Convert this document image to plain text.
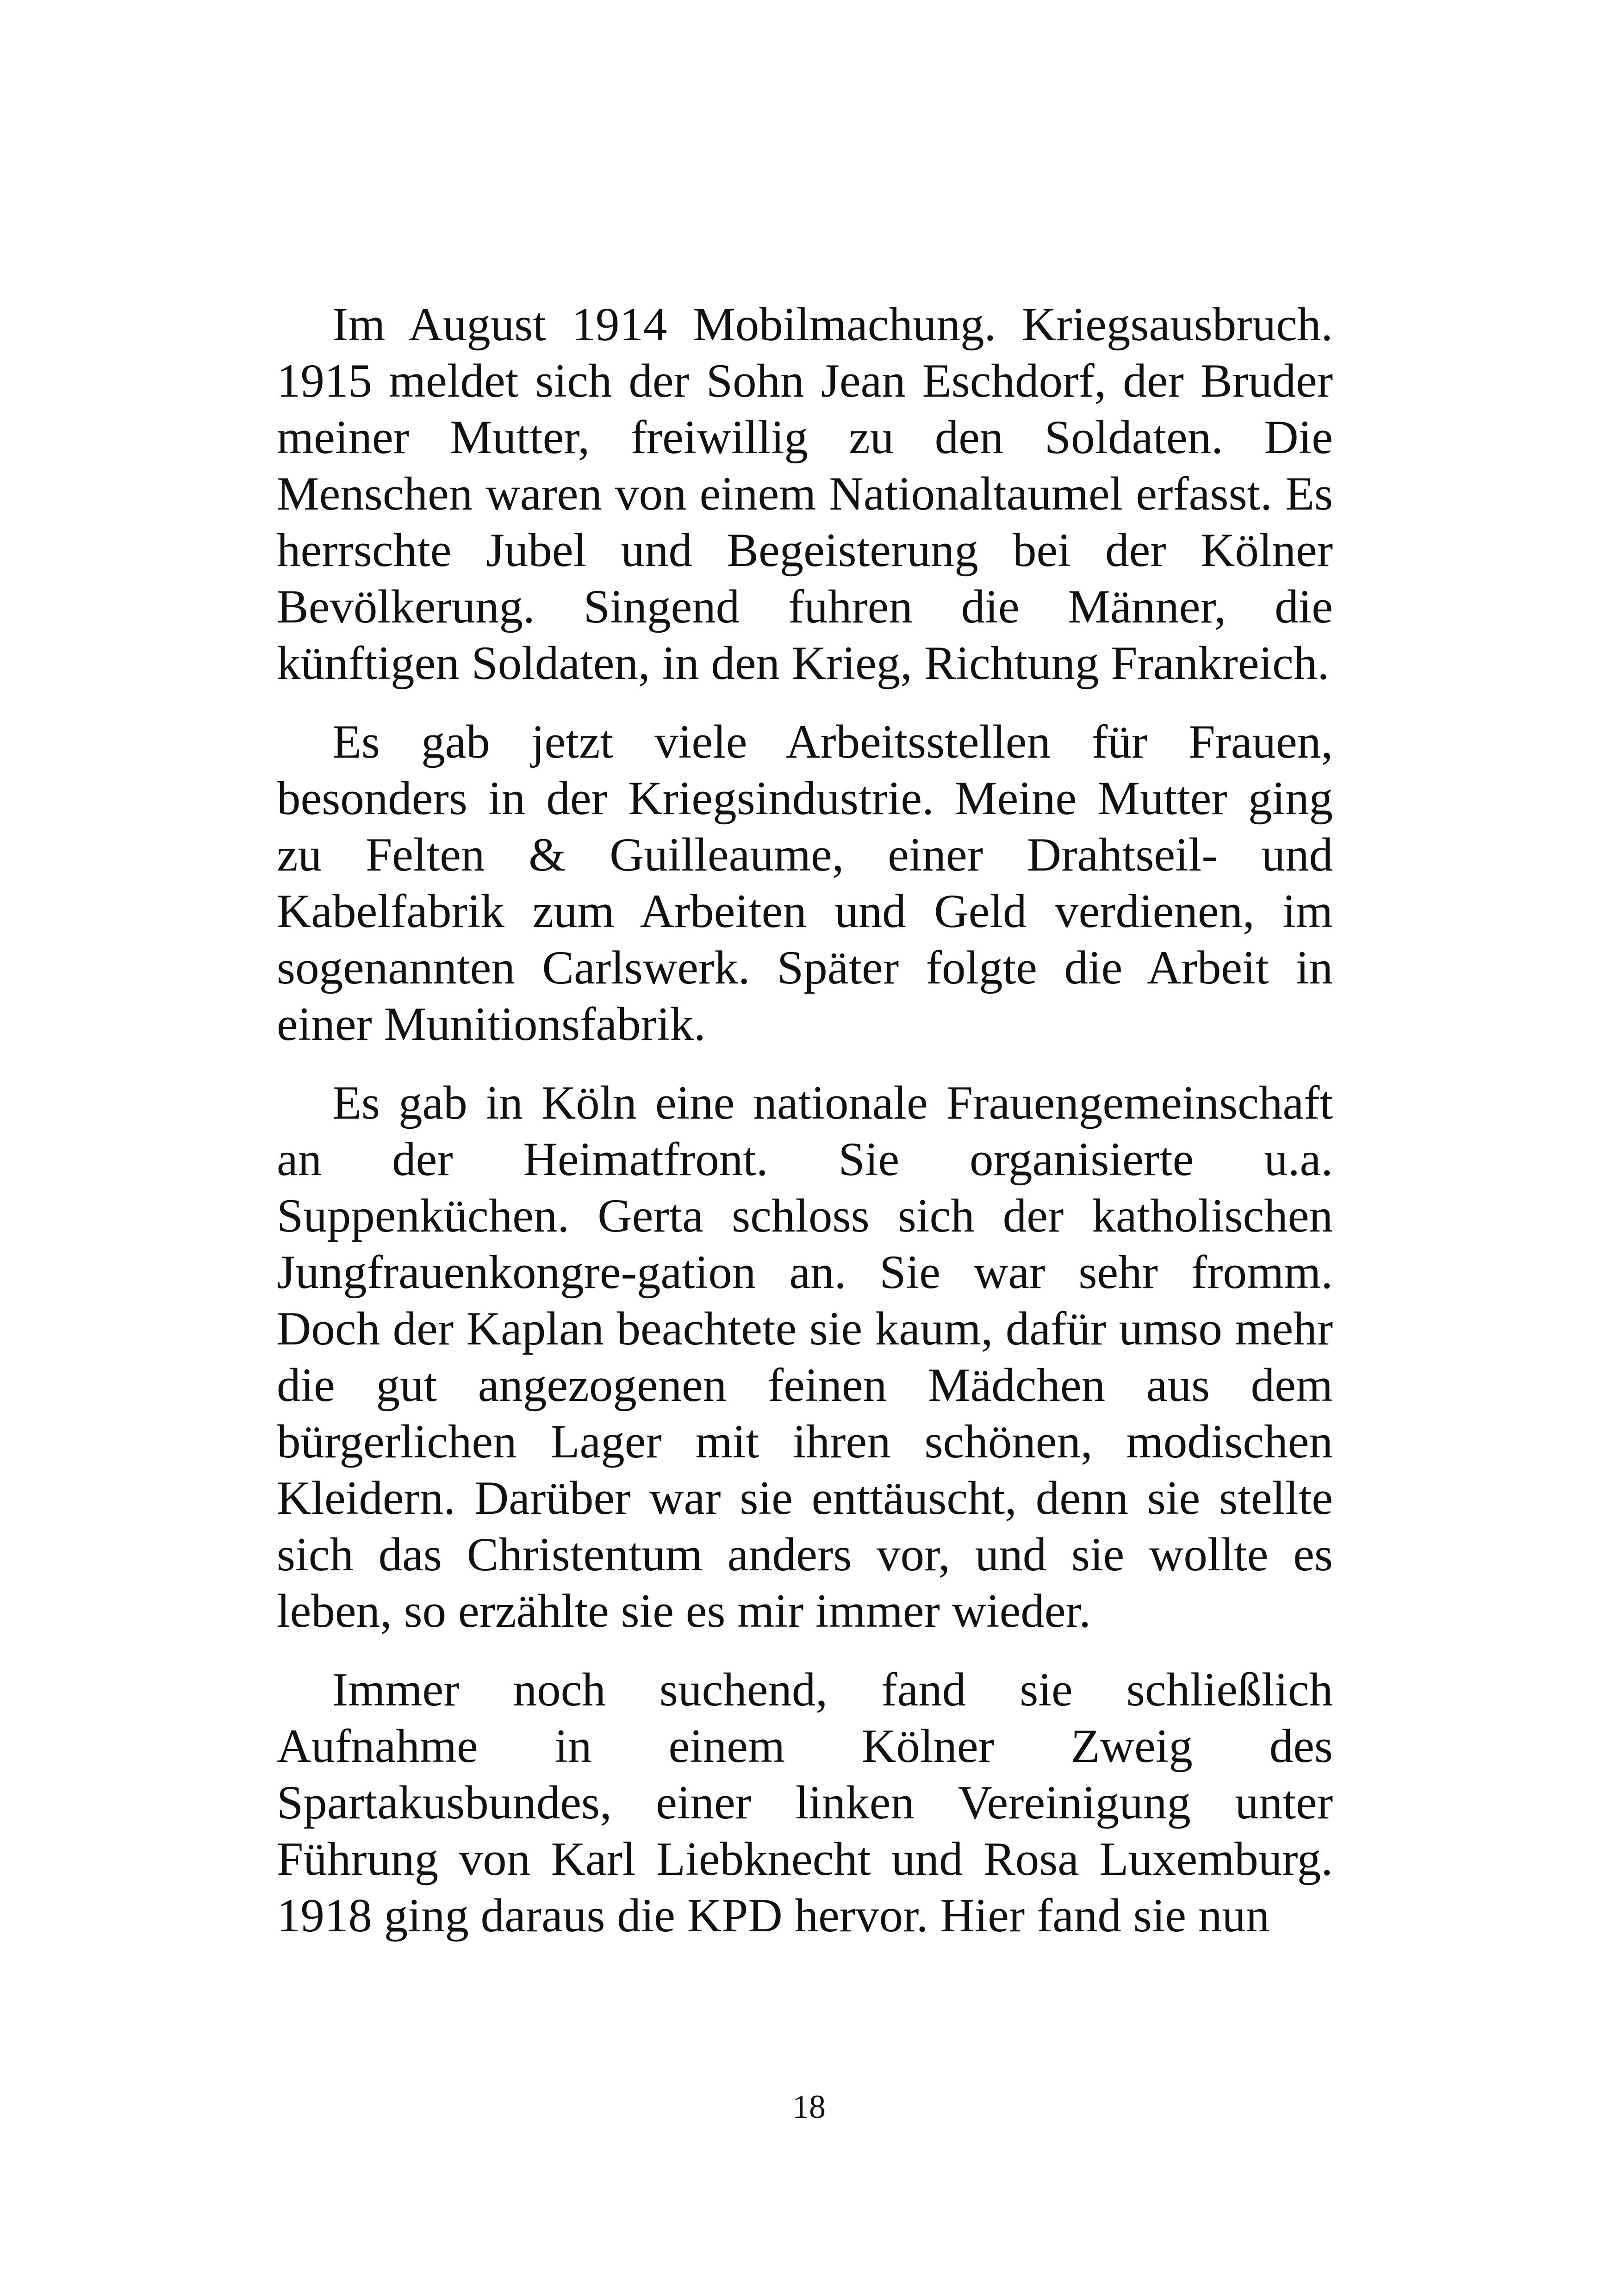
Im August 1914 Mobilmachung. Kriegsausbruch. 1915 meldet sich der Sohn Jean Eschdorf, der Bruder meiner Mutter, freiwillig zu den Soldaten. Die Menschen waren von einem Nationaltaumel erfasst. Es herrschte Jubel und Begeisterung bei der Kölner Bevölkerung. Singend fuhren die Männer, die künftigen Soldaten, in den Krieg, Richtung Frankreich.

Es gab jetzt viele Arbeitsstellen für Frauen, besonders in der Kriegsindustrie. Meine Mutter ging zu Felten & Guilleaume, einer Drahtseil- und Kabelfabrik zum Arbeiten und Geld verdienen, im sogenannten Carlswerk. Später folgte die Arbeit in einer Munitionsfabrik.

Es gab in Köln eine nationale Frauengemeinschaft an der Heimatfront. Sie organisierte u.a. Suppenküchen. Gerta schloss sich der katholischen Jungfrauenkongre-gation an. Sie war sehr fromm. Doch der Kaplan beachtete sie kaum, dafür umso mehr die gut angezogenen feinen Mädchen aus dem bürgerlichen Lager mit ihren schönen, modischen Kleidern. Darüber war sie enttäuscht, denn sie stellte sich das Christentum anders vor, und sie wollte es leben, so erzählte sie es mir immer wieder.

Immer noch suchend, fand sie schließlich Aufnahme in einem Kölner Zweig des Spartakusbundes, einer linken Vereinigung unter Führung von Karl Liebknecht und Rosa Luxemburg. 1918 ging daraus die KPD hervor. Hier fand sie nun

18
